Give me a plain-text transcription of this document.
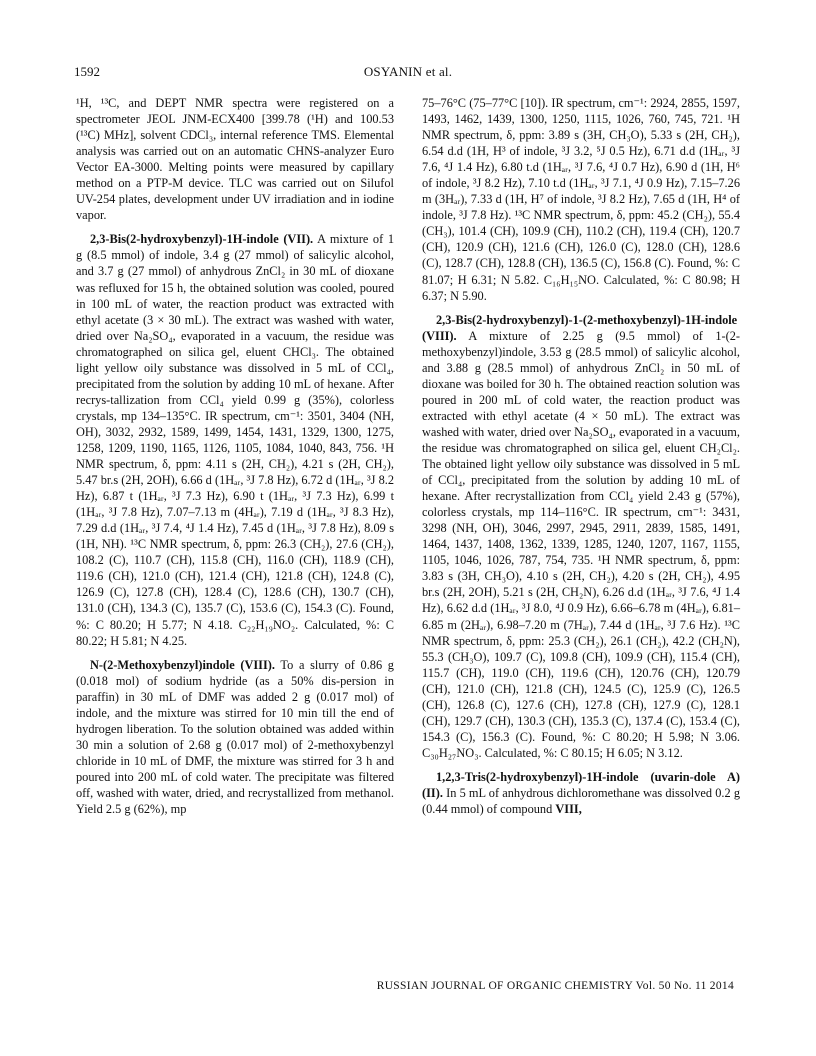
1592	OSYANIN et al.

¹H, ¹³C, and DEPT NMR spectra were registered on a spectrometer JEOL JNM-ECX400 [399.78 (¹H) and 100.53 (¹³C) MHz], solvent CDCl₃, internal reference TMS. Elemental analysis was carried out on an automatic CHNS-analyzer Euro Vector EA-3000. Melting points were measured by capillary method on a PTP-M device. TLC was carried out on Silufol UV-254 plates, development under UV irradiation and in iodine vapor.

2,3-Bis(2-hydroxybenzyl)-1H-indole (VII). A mixture of 1 g (8.5 mmol) of indole, 3.4 g (27 mmol) of salicylic alcohol, and 3.7 g (27 mmol) of anhydrous ZnCl₂ in 30 mL of dioxane was refluxed for 15 h, the obtained solution was cooled, poured in 100 mL of water, the reaction product was extracted with ethyl acetate (3 × 30 mL). The extract was washed with water, dried over Na₂SO₄, evaporated in a vacuum, the residue was chromatographed on silica gel, eluent CHCl₃. The obtained light yellow oily substance was dissolved in 5 mL of CCl₄, precipitated from the solution by adding 10 mL of hexane. After recrys-tallization from CCl₄ yield 0.99 g (35%), colorless crystals, mp 134–135°C. IR spectrum, cm⁻¹: 3501, 3404 (NH, OH), 3032, 2932, 1589, 1499, 1454, 1431, 1329, 1300, 1275, 1258, 1209, 1190, 1165, 1126, 1105, 1084, 1040, 843, 756. ¹H NMR spectrum, δ, ppm: 4.11 s (2H, CH₂), 4.21 s (2H, CH₂), 5.47 br.s (2H, 2OH), 6.66 d (1Hₐᵣ, ³J 7.8 Hz), 6.72 d (1Hₐᵣ, ³J 8.2 Hz), 6.87 t (1Hₐᵣ, ³J 7.3 Hz), 6.90 t (1Hₐᵣ, ³J 7.3 Hz), 6.99 t (1Hₐᵣ, ³J 7.8 Hz), 7.07–7.13 m (4Hₐᵣ), 7.19 d (1Hₐᵣ, ³J 8.3 Hz), 7.29 d.d (1Hₐᵣ, ³J 7.4, ⁴J 1.4 Hz), 7.45 d (1Hₐᵣ, ³J 7.8 Hz), 8.09 s (1H, NH). ¹³C NMR spectrum, δ, ppm: 26.3 (CH₂), 27.6 (CH₂), 108.2 (C), 110.7 (CH), 115.8 (CH), 116.0 (CH), 118.9 (CH), 119.6 (CH), 121.0 (CH), 121.4 (CH), 121.8 (CH), 124.8 (C), 126.9 (C), 127.8 (CH), 128.4 (C), 128.6 (CH), 130.7 (CH), 131.0 (CH), 134.3 (C), 135.7 (C), 153.6 (C), 154.3 (C). Found, %: C 80.20; H 5.77; N 4.18. C₂₂H₁₉NO₂. Calculated, %: C 80.22; H 5.81; N 4.25.

N-(2-Methoxybenzyl)indole (VIII). To a slurry of 0.86 g (0.018 mol) of sodium hydride (as a 50% dis-persion in paraffin) in 30 mL of DMF was added 2 g (0.017 mol) of indole, and the mixture was stirred for 10 min till the end of hydrogen liberation. To the solution obtained was added within 30 min a solution of 2.68 g (0.017 mol) of 2-methoxybenzyl chloride in 10 mL of DMF, the mixture was stirred for 3 h and poured into 200 mL of cold water. The precipitate was filtered off, washed with water, dried, and recrystallized from methanol. Yield 2.5 g (62%), mp

75–76°C (75–77°C [10]). IR spectrum, cm⁻¹: 2924, 2855, 1597, 1493, 1462, 1439, 1300, 1250, 1115, 1026, 760, 745, 721. ¹H NMR spectrum, δ, ppm: 3.89 s (3H, CH₃O), 5.33 s (2H, CH₂), 6.54 d.d (1H, H³ of indole, ³J 3.2, ⁵J 0.5 Hz), 6.71 d.d (1Hₐᵣ, ³J 7.6, ⁴J 1.4 Hz), 6.80 t.d (1Hₐᵣ, ³J 7.6, ⁴J 0.7 Hz), 6.90 d (1H, H⁶ of indole, ³J 8.2 Hz), 7.10 t.d (1Hₐᵣ, ³J 7.1, ⁴J 0.9 Hz), 7.15–7.26 m (3Hₐᵣ), 7.33 d (1H, H⁷ of indole, ³J 8.2 Hz), 7.65 d (1H, H⁴ of indole, ³J 7.8 Hz). ¹³C NMR spectrum, δ, ppm: 45.2 (CH₂), 55.4 (CH₃), 101.4 (CH), 109.9 (CH), 110.2 (CH), 119.4 (CH), 120.7 (CH), 120.9 (CH), 121.6 (CH), 126.0 (C), 128.0 (CH), 128.6 (C), 128.7 (CH), 128.8 (CH), 136.5 (C), 156.8 (C). Found, %: C 81.07; H 6.31; N 5.82. C₁₆H₁₅NO. Calculated, %: C 80.98; H 6.37; N 5.90.

2,3-Bis(2-hydroxybenzyl)-1-(2-methoxybenzyl)-1H-indole (VIII). A mixture of 2.25 g (9.5 mmol) of 1-(2-methoxybenzyl)indole, 3.53 g (28.5 mmol) of salicylic alcohol, and 3.88 g (28.5 mmol) of anhydrous ZnCl₂ in 50 mL of dioxane was boiled for 30 h. The obtained reaction solution was poured in 200 mL of cold water, the reaction product was extracted with ethyl acetate (4 × 50 mL). The extract was washed with water, dried over Na₂SO₄, evaporated in a vacuum, the residue was chromatographed on silica gel, eluent CH₂Cl₂. The obtained light yellow oily substance was dissolved in 5 mL of CCl₄, precipitated from the solution by adding 10 mL of hexane. After recrystallization from CCl₄ yield 2.43 g (57%), colorless crystals, mp 114–116°C. IR spectrum, cm⁻¹: 3431, 3298 (NH, OH), 3046, 2997, 2945, 2911, 2839, 1585, 1491, 1464, 1437, 1408, 1362, 1339, 1285, 1240, 1207, 1167, 1155, 1105, 1046, 1026, 787, 754, 735. ¹H NMR spectrum, δ, ppm: 3.83 s (3H, CH₃O), 4.10 s (2H, CH₂), 4.20 s (2H, CH₂), 4.95 br.s (2H, 2OH), 5.21 s (2H, CH₂N), 6.26 d.d (1Hₐᵣ, ³J 7.6, ⁴J 1.4 Hz), 6.62 d.d (1Hₐᵣ, ³J 8.0, ⁴J 0.9 Hz), 6.66–6.78 m (4Hₐᵣ), 6.81–6.85 m (2Hₐᵣ), 6.98–7.20 m (7Hₐᵣ), 7.44 d (1Hₐᵣ, ³J 7.6 Hz). ¹³C NMR spectrum, δ, ppm: 25.3 (CH₂), 26.1 (CH₂), 42.2 (CH₂N), 55.3 (CH₃O), 109.7 (C), 109.8 (CH), 109.9 (CH), 115.4 (CH), 115.7 (CH), 119.0 (CH), 119.6 (CH), 120.76 (CH), 120.79 (CH), 121.0 (CH), 121.8 (CH), 124.5 (C), 125.9 (C), 126.5 (CH), 126.8 (C), 127.6 (CH), 127.8 (CH), 127.9 (C), 128.1 (CH), 129.7 (CH), 130.3 (CH), 135.3 (C), 137.4 (C), 153.4 (C), 154.3 (C), 156.3 (C). Found, %: C 80.20; H 5.98; N 3.06. C₃₀H₂₇NO₃. Calculated, %: C 80.15; H 6.05; N 3.12.

1,2,3-Tris(2-hydroxybenzyl)-1H-indole (uvarin-dole A) (II). In 5 mL of anhydrous dichloromethane was dissolved 0.2 g (0.44 mmol) of compound VIII,

RUSSIAN JOURNAL OF ORGANIC CHEMISTRY Vol. 50 No. 11 2014
